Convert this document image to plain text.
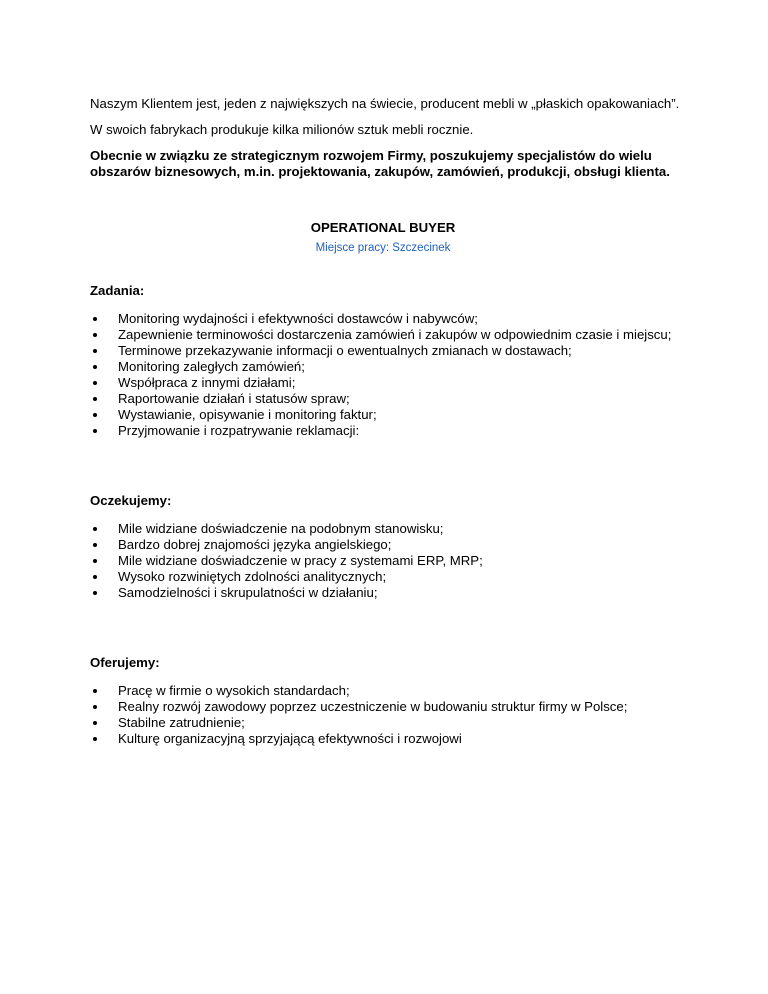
Naszym Klientem jest, jeden z największych na świecie, producent mebli w „płaskich opakowaniach”.

W swoich fabrykach produkuje kilka milionów sztuk mebli rocznie.

Obecnie w związku ze strategicznym rozwojem Firmy, poszukujemy specjalistów do wielu obszarów biznesowych, m.in. projektowania, zakupów, zamówień, produkcji, obsługi klienta.

OPERATIONAL BUYER

Miejsce pracy: Szczecinek

Zadania:

Monitoring wydajności i efektywności dostawców i nabywców;
Zapewnienie terminowości dostarczenia zamówień i zakupów w odpowiednim czasie i miejscu;
Terminowe przekazywanie informacji o ewentualnych zmianach w dostawach;
Monitoring zaległych zamówień;
Współpraca z innymi działami;
Raportowanie działań i statusów spraw;
Wystawianie, opisywanie i monitoring faktur;
Przyjmowanie i rozpatrywanie reklamacji:

Oczekujemy:

Mile widziane doświadczenie na podobnym stanowisku;
Bardzo dobrej znajomości języka angielskiego;
Mile widziane doświadczenie w pracy z systemami ERP, MRP;
Wysoko rozwiniętych zdolności analitycznych;
Samodzielności i skrupulatności w działaniu;

Oferujemy:

Pracę w firmie o wysokich standardach;
Realny rozwój zawodowy poprzez uczestniczenie w budowaniu struktur firmy w Polsce;
Stabilne zatrudnienie;
Kulturę organizacyjną sprzyjającą efektywności i rozwojowi
